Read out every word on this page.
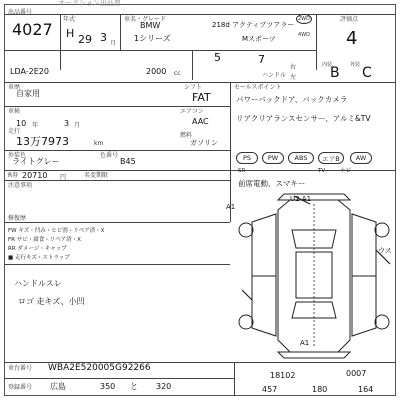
出品番号
オークション出品票
4027
年式
H 29 3 月
車名・グレード
BMW
1シリーズ
218d アクティブツアラー
Mスポーツ
2WD
4WD
評価点
4
LDA-2E20	2000 cc
5	7
ハンドル
右
左
内装
B 外装 C
車歴
自家用
シフト
FAT
セールスポイント
パワーバックドア、バックカメラ
リアクリアランスセンサー、アルミ&TV
車検
10 年	3 月
エアコン
AAC
走行
13万7973	km
燃料
ガソリン
外装色
ライトグレー
色番号
B45
R券 20710 円	名変期限
PS	PW	ABS	エアB	AW
SR	TV	ナビ
前席電動、スマキー
注意事項
修復歴
FW キズ・凹み・ヒビ割・リペア済・X
FR サビ・腐食・リペア済・X
RR ダメージ・キャップ
■ 走行キズ・ストラップ
ハンドルスレ
ロゴ 走キズ、小凹
U2 A1
A1
ウス
A1
車台番号 WBA2E520005G92266
登録番号 広島	350 と 320
18102	0007
457	180	164
